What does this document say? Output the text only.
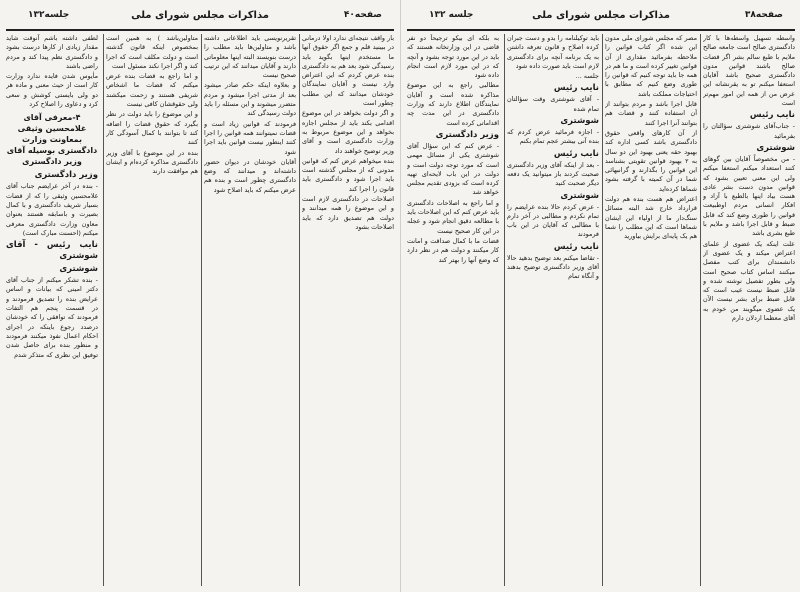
صفحه۴۰
مذاکرات مجلس شورای ملی
جلسه۱۳۲
بار واقف نتیجه‌ای ندارد اولا درمانی در ببینید قلم و جمع اگر حقوق آنها ما مستخدم اینها بگوید باید رسیدگی شود بعد هم به دادگستری بنده عرض کردم که این اعتراض وارد نیست و آقایان نمایندگان خودشان میدانند که این مطلب چطور است
و اگر دولت بخواهد در این موضوع اقدامی بکند باید از مجلس اجازه بخواهد و این موضوع مربوط به وزارت دادگستری است و آقای وزیر توضیح خواهند داد
بنده میخواهم عرض کنم که قوانین مدونی که از مجلس گذشته است باید اجرا شود و دادگستری باید قانون را اجرا کند
اصلاحات در دادگستری لازم است و این موضوع را همه میدانند و دولت هم تصدیق دارد که باید اصلاحات بشود
تقریرنویسی باید اطلاعاتی داشته باشد و متاولین‌ها باید مطلب را درست بنویسند البته اینها معلوماتی دارند و آقایان میدانند که این ترتیب صحیح نیست
و بعلاوه اینکه حکم صادر میشود بعد از مدتی اجرا میشود و مردم متضرر میشوند و این مسئله را باید دولت رسیدگی کند
فرمودند که قوانین زیاد است و قضات نمیتوانند همه قوانین را اجرا کنند اینطور نیست قوانین باید اجرا شود
آقایان خودشان در دیوان حضور داشته‌اند و میدانند که وضع دادگستری چطور است و بنده هم عرض میکنم که باید اصلاح شود
متاولین‌باشد ) به همین است بمخصوص اینکه قانون گذشته است و دولت مکلف است که اجرا کند و اگر اجرا نکند مسئول است
و اما راجع به قضات بنده عرض میکنم که قضات ما اشخاص شریفی هستند و زحمت میکشند ولی حقوقشان کافی نیست
و این موضوع را باید دولت در نظر بگیرد که حقوق قضات را اضافه کند تا بتوانند با کمال آسودگی کار کنند
بنده در این موضوع با آقای وزیر دادگستری مذاکره کرده‌ام و ایشان هم موافقت دارند
لطفی داشته باشم آنوقت شاید مقدار زیادی از کارها درست بشود و دادگستری نظم پیدا کند و مردم راضی باشند
مأیوس شدن فایده ندارد وزارت کار است از حیث معنی و ماده هر دو ولی بایستی کوشش و سعی کرد و دعاوی را اصلاح کرد
۴-معرفی آقای غلامحسین وثیقی بمعاونت وزارت دادگستری بوسیله آقای وزیر دادگستری
وزیر دادگستری
- بنده در آخر عرایضم جناب آقای غلامحسین وثیقی را که از قضات بسیار شریف دادگستری و با کمال بصیرت و باسابقه هستند بعنوان معاون وزارت دادگستری معرفی میکنم (احسنت مبارک است)
نایب رئیس - آقای شوشتری
شوشتری
- بنده تشکر میکنم از جناب آقای دکتر امینی که بیانات و اساس عرایض بنده را تصدیق فرمودند و در قسمت پنجم هم التفات فرمودند که توافقی را که خودشان درصدد رجوع باینکه در اجرای احکام اعمال نفوذ میکنند فرمودند و منظور بنده برای حاصل شدن توفیق این نظری که متذکر شدم
صفحه۳۸
مذاکرات مجلس شورای ملی
جلسه ۱۳۲
واسطه تسهیل واسطه‌ها با کار دادگستری صالح است جامعه صالح ملایم با طبع سالم بشر اگر قضات صالح باشند قوانین مدون دادگستری صحیح باشد آقایان استعفا میکنم تو به یقرنشانه این عرض من از همه این امور مهم‌تر است
نایب رئیس
- جناب‌آقای شوشتری سؤالتان را بفرمائید
شوشتری
- من مخصوصاً آقایان بین گوهای کنند استعداد میکنم استعفا میکنم ولی این معنی تعیین بشود که قوانین مدون دست بشر عادی هست بیاد اینها بالطبع با آزاد و افکار انسانی مردم اوطبیعت قوانین را طوری وضع کند که قابل ضبط و قابل اجرا باشد و ملایم با طبع بشری باشد
علت اینکه یک عضوی از علمای اعتراض میکند و یک عضوی از دانشمندان برای کتب مفصل میکنند اساس کتاب صحیح است ولی بطور تفصیل نوشته شده و قابل ضبط نیست عیب است که قابل ضبط برای بشر نیست الآن یک عضوی میگویند من خودم به آقای معظما اردلان دارم
مصر که مجلس شورای ملی مدون این شده اگر کتاب قوانین را ملاحظه بفرمائید مقداری از آن قوانین تغییر کرده است و ما هم در همه جا باید توجه کنیم که قوانین را طوری وضع کنیم که مطابق با احتیاجات مملکت باشد
قابل اجرا باشد و مردم بتوانند از آن استفاده کنند و قضات هم بتوانند آنرا اجرا کنند
از آن کارهای واقعی حقوق دادگستری باشد کسی اداره کند بهبود حقه یعنی بهبود این دو سال به ۲ بهبود قوانین تقویتی بشناسد این قوانین را بگذارند و گرانبهائی شما در آن کمیته با گرفته بشود شماها کرده‌اید
اعتراض هم هست بنده هم دولت قرارداد خارج شد البته مسائل سنگ‌دار ما از اولیاء این ایشان شماها است که این مطلب را شما هم یک پایه‌ای برایش بیاورید
باید توکیلنامه را بدو و دست جبران کرده اصلاح و قانون تعرفه داشتن به یک برنامه آنچه برای دادگستری لازم است باید صورت داده شود
جلسه ...
نایب رئیس
- آقای شوشتری وقت سؤالتان تمام شده
شوشتری
- اجازه فرمائید عرض کردم که بنده آنی بیشتر عجم تمام بکنم
نایب رئیس
- بعد از اینکه آقای وزیر دادگستری صحبت کردند باز میتوانید یک دفعه دیگر صحبت کنید
شوشتری
- عرض کردم حالا بنده عرایضم را تمام نکردم و مطالبی در آخر دارم با مطالبی که آقایان در این باب فرمودند
نایب رئیس
- تقاضا میکنم بعد توضیح بدهید حالا آقای وزیر دادگستری توضیح بدهند و آنگاه تمام
به بلکه ای بیکو ترجیحاً دو نفر قاضی در این وزارتخانه هستند که باید در این مورد توجه بشود و آنچه که در این مورد لازم است انجام داده شود
مطالبی راجع به این موضوع مذاکره شده است و آقایان نمایندگان اطلاع دارند که وزارت دادگستری در این مدت چه اقداماتی کرده است
وزیر دادگستری
- عرض کنم که این سؤال آقای شوشتری یکی از مسائل مهمی است که مورد توجه دولت است و دولت در این باب لایحه‌ای تهیه کرده است که بزودی تقدیم مجلس خواهد شد
و اما راجع به اصلاحات دادگستری باید عرض کنم که این اصلاحات باید با مطالعه دقیق انجام شود و عجله در این کار صحیح نیست
قضات ما با کمال صداقت و امانت کار میکنند و دولت هم در نظر دارد که وضع آنها را بهتر کند
